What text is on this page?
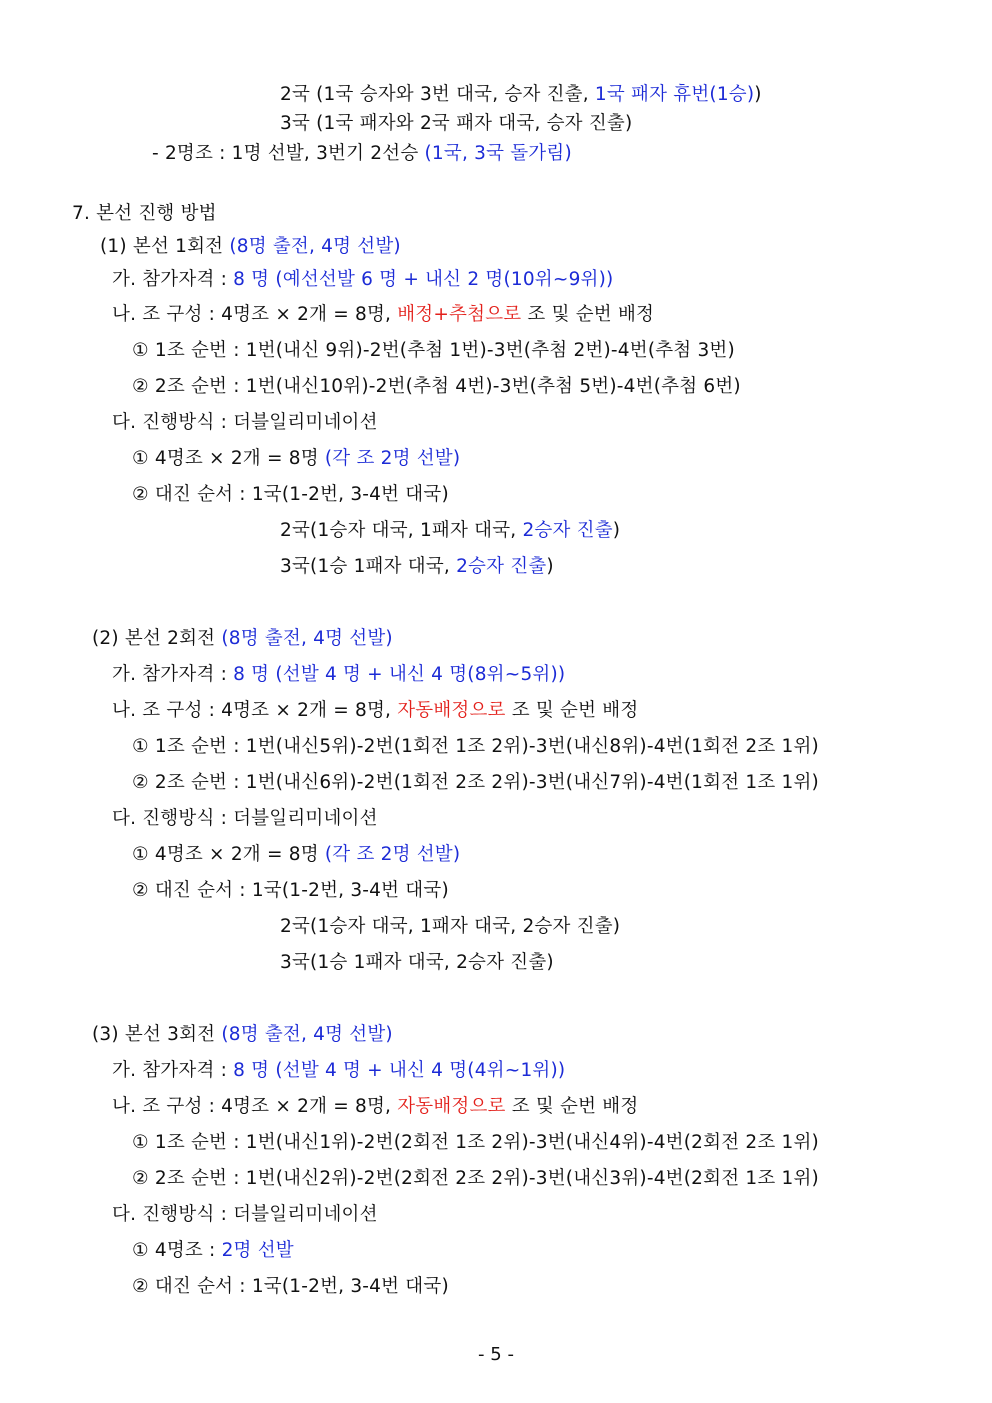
2국 (1국 승자와 3번 대국, 승자 진출, 1국 패자 휴번(1승))
3국 (1국 패자와 2국 패자 대국, 승자 진출)
- 2명조 : 1명 선발, 3번기 2선승 (1국, 3국 돌가림)
7. 본선 진행 방법
(1) 본선 1회전 (8명 출전, 4명 선발)
가. 참가자격 : 8 명 (예선선발 6 명 + 내신 2 명(10위~9위))
나. 조 구성 : 4명조 × 2개 = 8명, 배정+추첨으로 조 및 순번 배정
① 1조 순번 : 1번(내신 9위)-2번(추첨 1번)-3번(추첨 2번)-4번(추첨 3번)
② 2조 순번 : 1번(내신10위)-2번(추첨 4번)-3번(추첨 5번)-4번(추첨 6번)
다. 진행방식 : 더블일리미네이션
① 4명조 × 2개 = 8명 (각 조 2명 선발)
② 대진 순서 : 1국(1-2번, 3-4번 대국)
2국(1승자 대국, 1패자 대국, 2승자 진출)
3국(1승 1패자 대국, 2승자 진출)
(2) 본선 2회전 (8명 출전, 4명 선발)
가. 참가자격 : 8 명 (선발 4 명 + 내신 4 명(8위~5위))
나. 조 구성 : 4명조 × 2개 = 8명, 자동배정으로 조 및 순번 배정
① 1조 순번 : 1번(내신5위)-2번(1회전 1조 2위)-3번(내신8위)-4번(1회전 2조 1위)
② 2조 순번 : 1번(내신6위)-2번(1회전 2조 2위)-3번(내신7위)-4번(1회전 1조 1위)
다. 진행방식 : 더블일리미네이션
① 4명조 × 2개 = 8명 (각 조 2명 선발)
② 대진 순서 : 1국(1-2번, 3-4번 대국)
2국(1승자 대국, 1패자 대국, 2승자 진출)
3국(1승 1패자 대국, 2승자 진출)
(3) 본선 3회전 (8명 출전, 4명 선발)
가. 참가자격 : 8 명 (선발 4 명 + 내신 4 명(4위~1위))
나. 조 구성 : 4명조 × 2개 = 8명, 자동배정으로 조 및 순번 배정
① 1조 순번 : 1번(내신1위)-2번(2회전 1조 2위)-3번(내신4위)-4번(2회전 2조 1위)
② 2조 순번 : 1번(내신2위)-2번(2회전 2조 2위)-3번(내신3위)-4번(2회전 1조 1위)
다. 진행방식 : 더블일리미네이션
① 4명조 : 2명 선발
② 대진 순서 : 1국(1-2번, 3-4번 대국)
- 5 -
